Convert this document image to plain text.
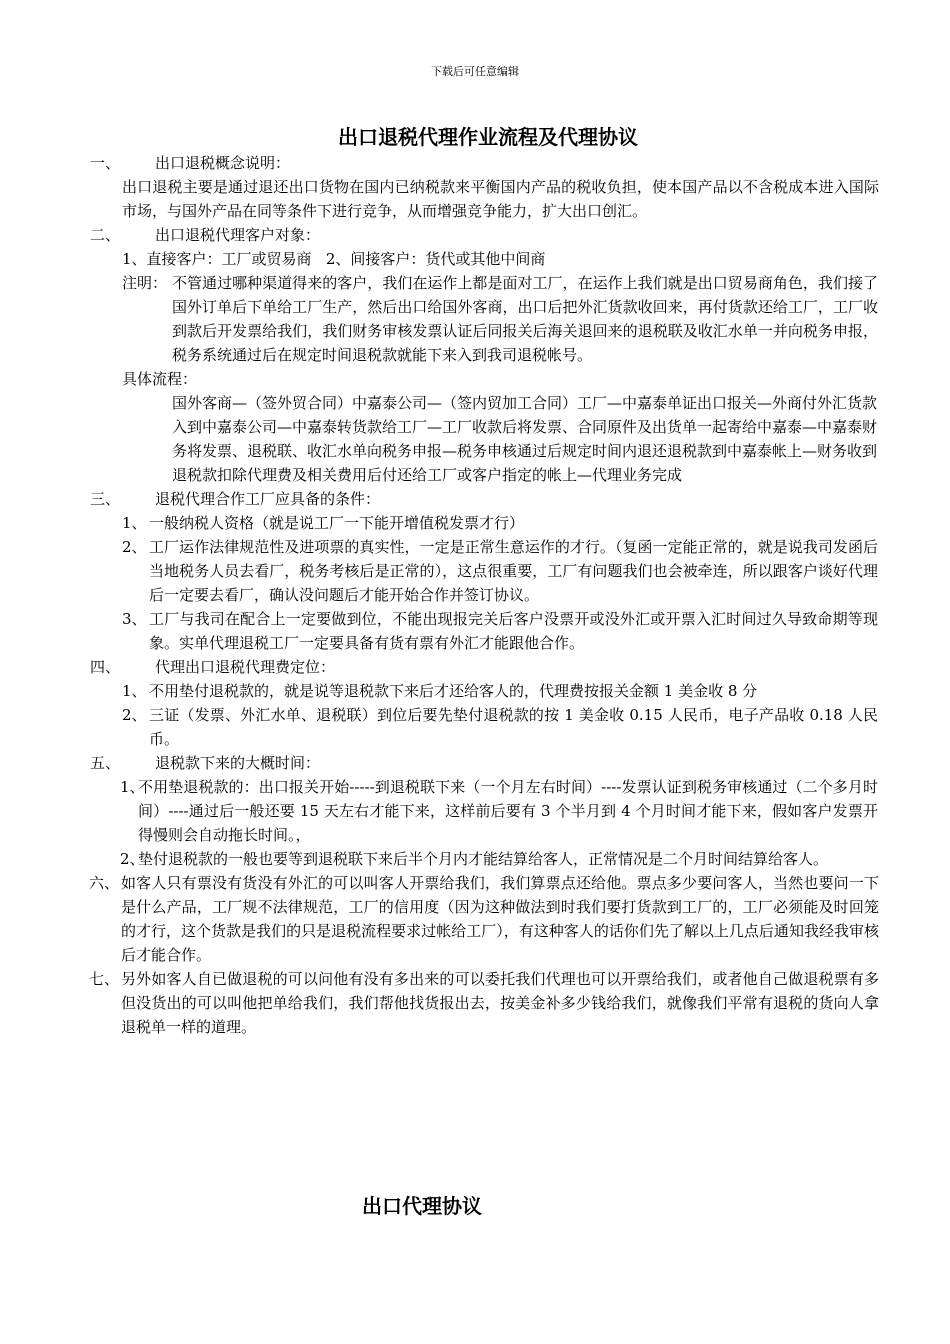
下载后可任意编辑
出口退税代理作业流程及代理协议
一、 出口退税概念说明：
出口退税主要是通过退还出口货物在国内已纳税款来平衡国内产品的税收负担，使本国产品以不含税成本进入国际市场，与国外产品在同等条件下进行竞争，从而增强竞争能力，扩大出口创汇。
二、 出口退税代理客户对象：
1、直接客户：工厂或贸易商   2、间接客户：货代或其他中间商
注明： 不管通过哪种渠道得来的客户，我们在运作上都是面对工厂，在运作上我们就是出口贸易商角色，我们接了国外订单后下单给工厂生产，然后出口给国外客商，出口后把外汇货款收回来，再付货款还给工厂，工厂收到款后开发票给我们，我们财务审核发票认证后同报关后海关退回来的退税联及收汇水单一并向税务申报，税务系统通过后在规定时间退税款就能下来入到我司退税帐号。
具体流程：
国外客商—（签外贸合同）中嘉泰公司—（签内贸加工合同）工厂—中嘉泰单证出口报关—外商付外汇货款入到中嘉泰公司—中嘉泰转货款给工厂—工厂收款后将发票、合同原件及出货单一起寄给中嘉泰—中嘉泰财务将发票、退税联、收汇水单向税务申报—税务申核通过后规定时间内退还退税款到中嘉泰帐上—财务收到退税款扣除代理费及相关费用后付还给工厂或客户指定的帐上—代理业务完成
三、 退税代理合作工厂应具备的条件：
1、 一般纳税人资格（就是说工厂一下能开增值税发票才行）
2、 工厂运作法律规范性及进项票的真实性，一定是正常生意运作的才行。（复函一定能正常的，就是说我司发函后当地税务人员去看厂，税务考核后是正常的），这点很重要，工厂有问题我们也会被牵连，所以跟客户谈好代理后一定要去看厂，确认没问题后才能开始合作并签订协议。
3、 工厂与我司在配合上一定要做到位，不能出现报完关后客户没票开或没外汇或开票入汇时间过久导致命期等现象。实单代理退税工厂一定要具备有货有票有外汇才能跟他合作。
四、 代理出口退税代理费定位：
1、 不用垫付退税款的，就是说等退税款下来后才还给客人的，代理费按报关金额 1 美金收 8 分
2、 三证（发票、外汇水单、退税联）到位后要先垫付退税款的按 1 美金收 0.15 人民币，电子产品收 0.18 人民币。
五、 退税款下来的大概时间：
1、
不用垫退税款的：出口报关开始-----到退税联下来（一个月左右时间）----发票认证到税务审核通过（二个多月时间）----通过后一般还要 15 天左右才能下来，这样前后要有 3 个半月到 4 个月时间才能下来，假如客户发票开得慢则会自动拖长时间。，
2、
垫付退税款的一般也要等到退税联下来后半个月内才能结算给客人，正常情况是二个月时间结算给客人。
六、 如客人只有票没有货没有外汇的可以叫客人开票给我们，我们算票点还给他。票点多少要问客人，当然也要问一下是什么产品，工厂规不法律规范，工厂的信用度（因为这种做法到时我们要打货款到工厂的，工厂必须能及时回笼的才行，这个货款是我们的只是退税流程要求过帐给工厂），有这种客人的话你们先了解以上几点后通知我经我审核后才能合作。
七、 另外如客人自已做退税的可以问他有没有多出来的可以委托我们代理也可以开票给我们，或者他自己做退税票有多但没货出的可以叫他把单给我们，我们帮他找货报出去，按美金补多少钱给我们，就像我们平常有退税的货向人拿退税单一样的道理。
出口代理协议
